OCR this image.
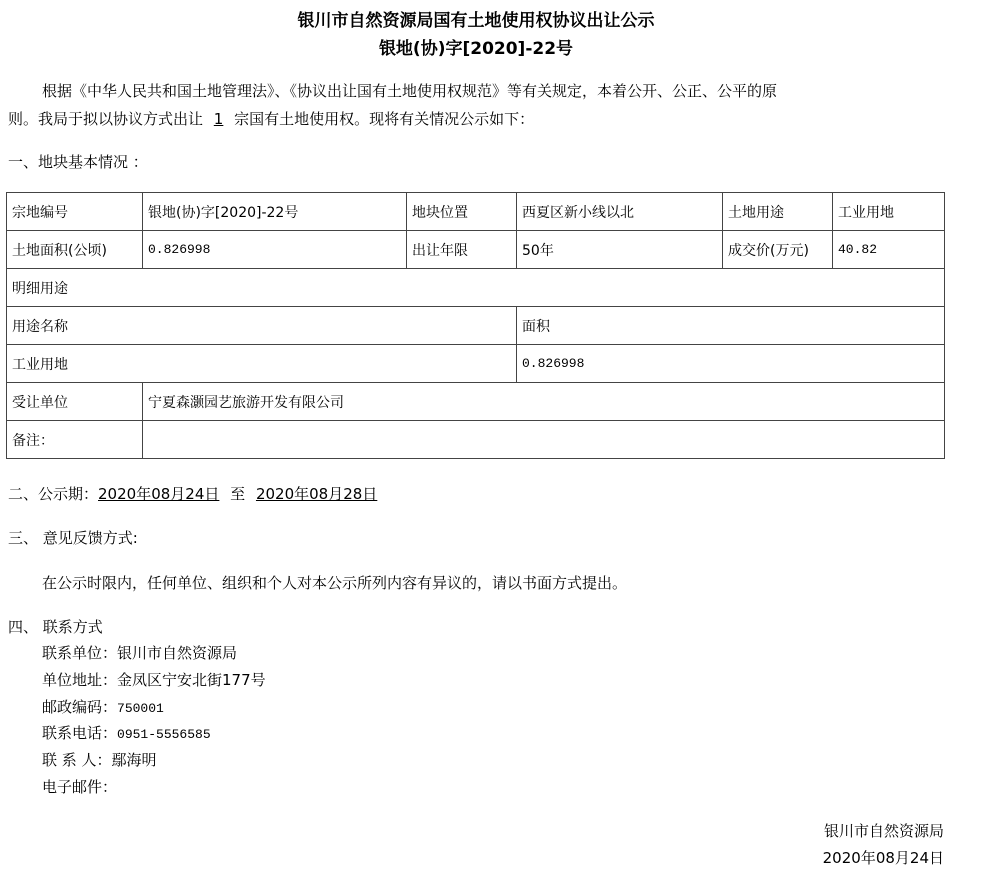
银川市自然资源局国有土地使用权协议出让公示
银地(协)字[2020]-22号
根据《中华人民共和国土地管理法》、《协议出让国有土地使用权规范》等有关规定，本着公开、公正、公平的原
则。我局于拟以协议方式出让 1 宗国有土地使用权。现将有关情况公示如下：
一、地块基本情况 ：
宗地编号	银地(协)字[2020]-22号	地块位置	西夏区新小线以北	土地用途	工业用地
土地面积(公顷)	0.826998	出让年限	50年	成交价(万元)	40.82
明细用途					
用途名称			面积		
工业用地			0.826998		
受让单位	宁夏森灏园艺旅游开发有限公司				
备注：					
二、公示期：2020年08月24日 至 2020年08月28日
三、 意见反馈方式:
在公示时限内，任何单位、组织和个人对本公示所列内容有异议的，请以书面方式提出。
四、 联系方式
联系单位：银川市自然资源局
单位地址：金凤区宁安北街177号
邮政编码：750001
联系电话：0951-5556585
联 系 人：鄢海明
电子邮件：
银川市自然资源局
2020年08月24日
